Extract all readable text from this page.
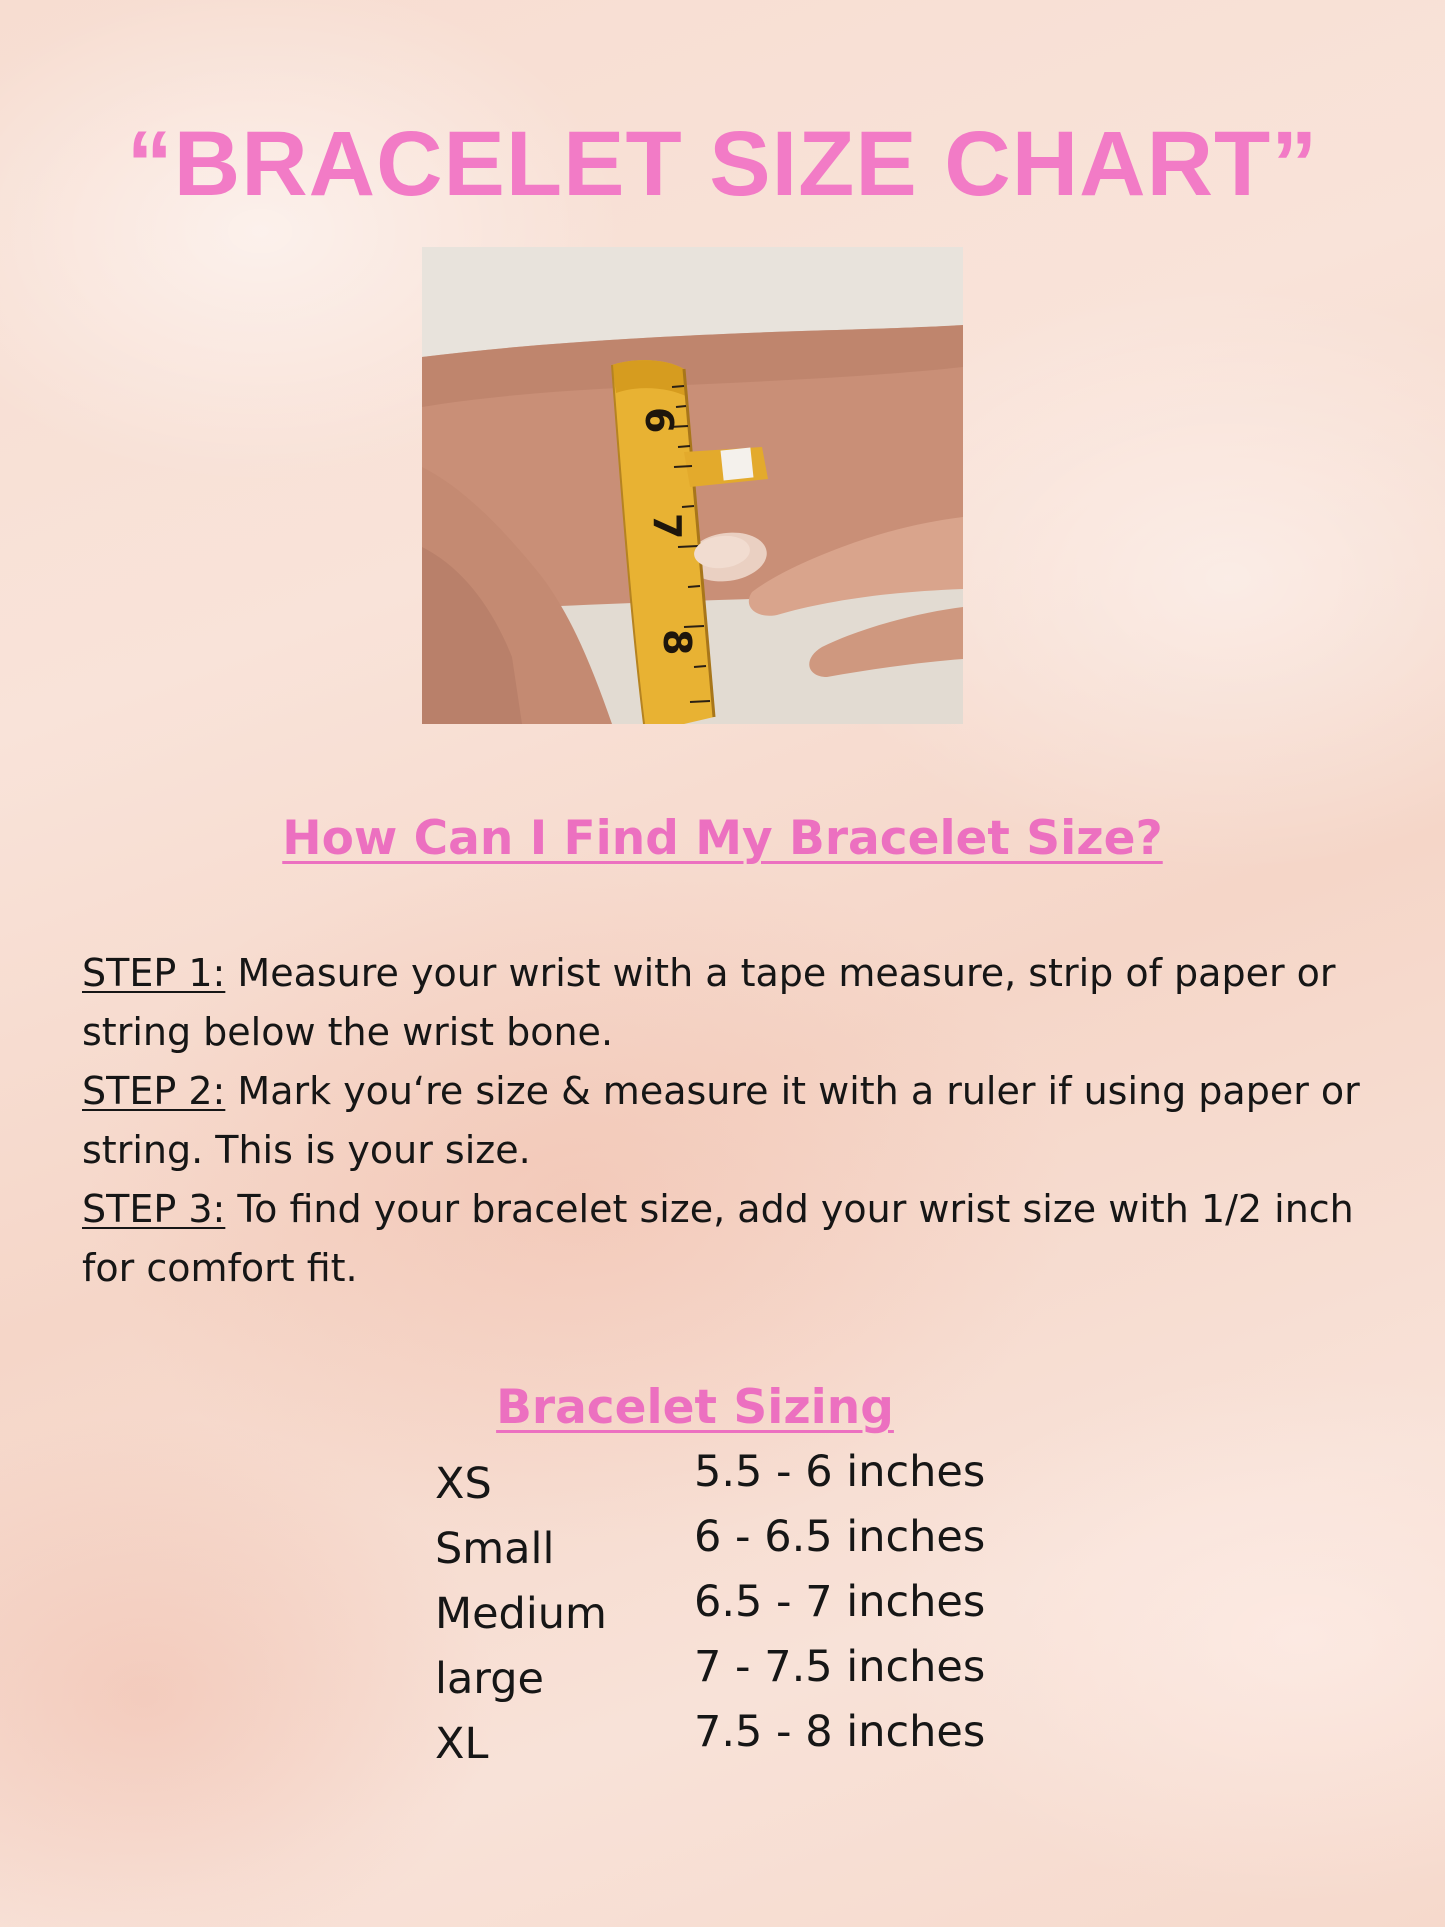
“BRACELET SIZE CHART”
6
7
8
How Can I Find My Bracelet Size?

STEP 1: Measure your wrist with a tape measure, strip of paper or string below the wrist bone.

STEP 2: Mark you‘re size & measure it with a ruler if using paper or string. This is your size.

STEP 3: To find your bracelet size, add your wrist size with 1/2 inch for comfort fit.

Bracelet Sizing
XS	5.5 - 6 inches
Small	6 - 6.5 inches
Medium 6.5 - 7 inches
large	7 - 7.5 inches
XL	7.5 - 8 inches
